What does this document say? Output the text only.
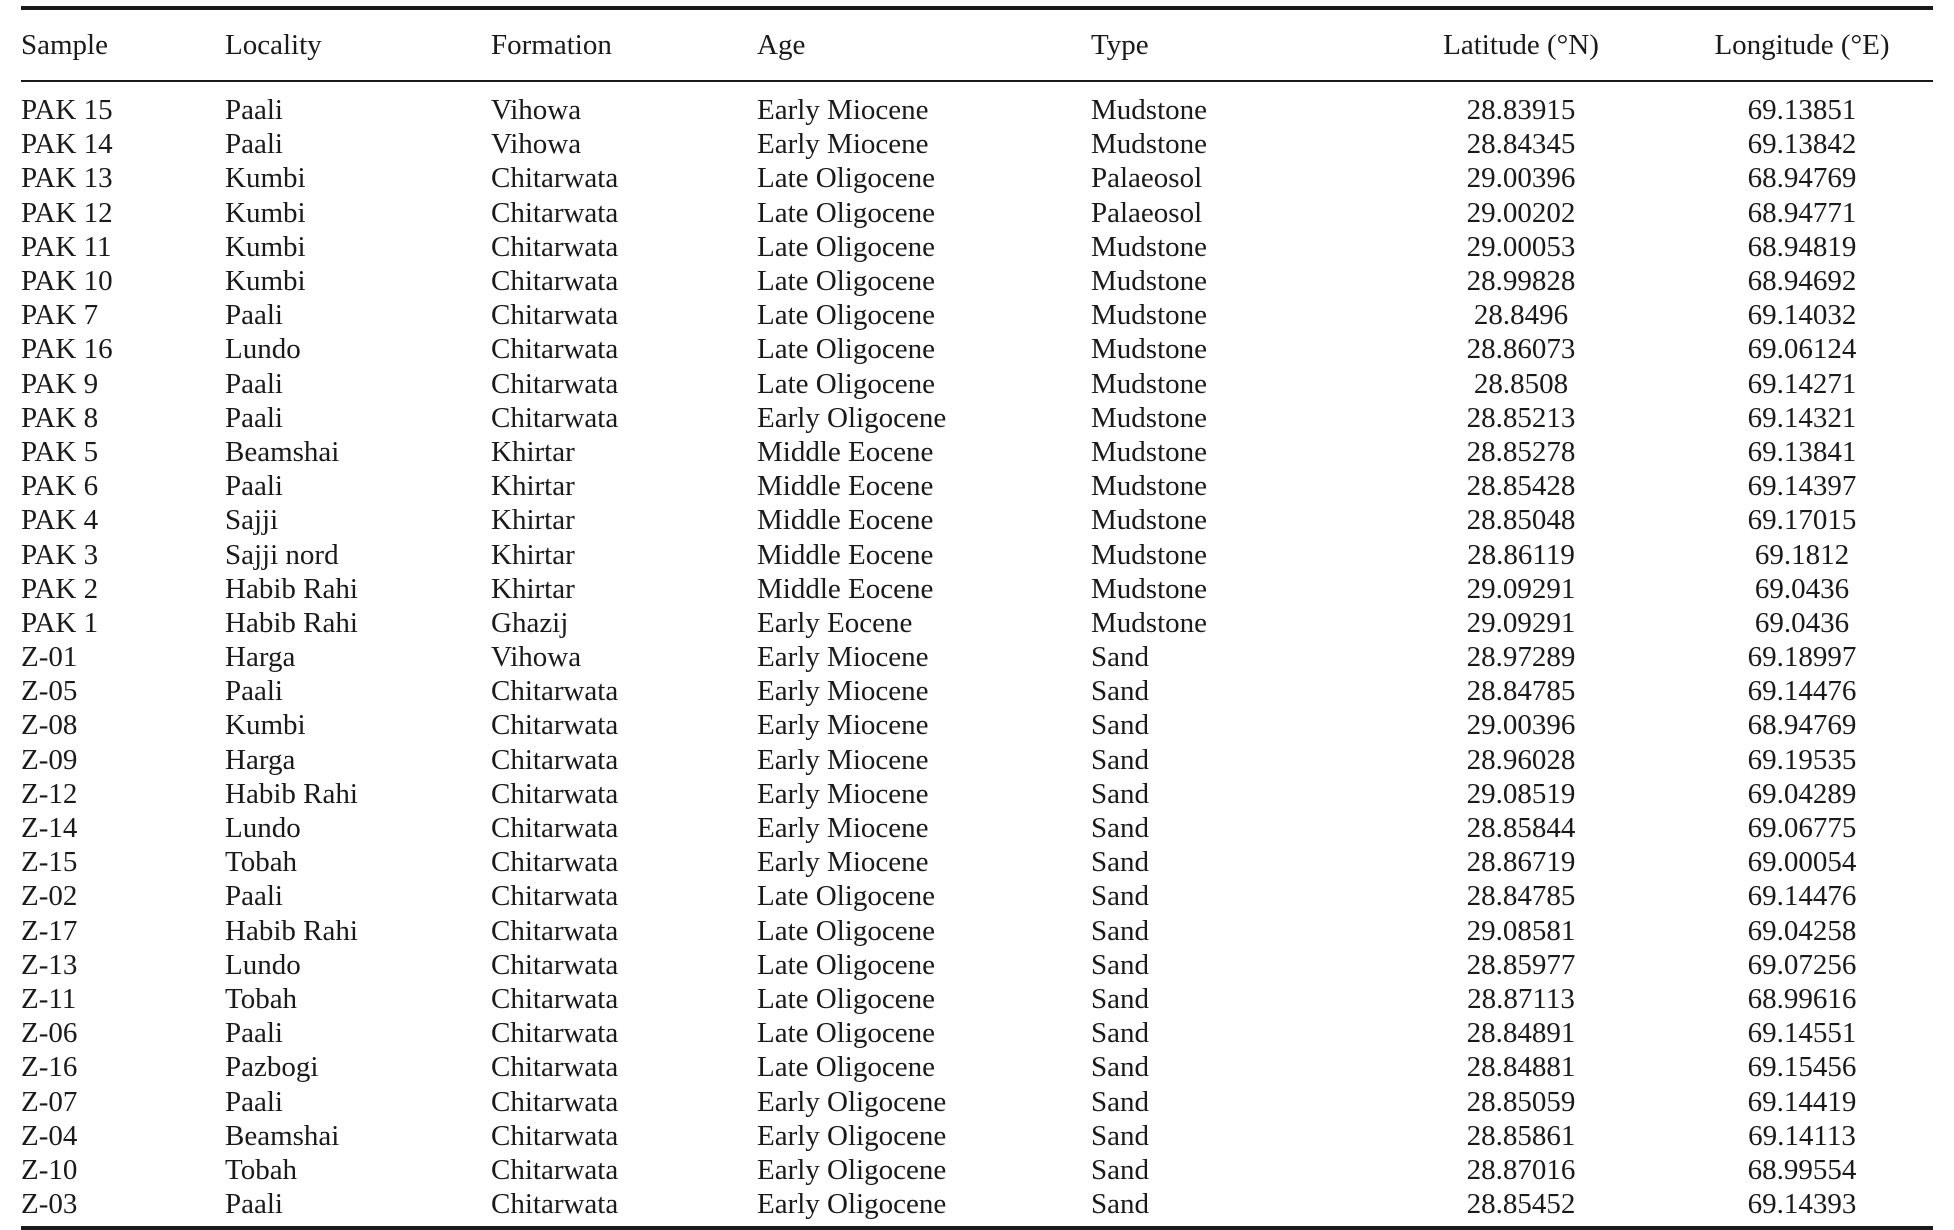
Sample	Locality	Formation	Age	Type	Latitude (°N)	Longitude (°E)
PAK 15	Paali	Vihowa	Early Miocene	Mudstone	28.83915	69.13851
PAK 14	Paali	Vihowa	Early Miocene	Mudstone	28.84345	69.13842
PAK 13	Kumbi	Chitarwata	Late Oligocene	Palaeosol	29.00396	68.94769
PAK 12	Kumbi	Chitarwata	Late Oligocene	Palaeosol	29.00202	68.94771
PAK 11	Kumbi	Chitarwata	Late Oligocene	Mudstone	29.00053	68.94819
PAK 10	Kumbi	Chitarwata	Late Oligocene	Mudstone	28.99828	68.94692
PAK 7	Paali	Chitarwata	Late Oligocene	Mudstone	28.8496	69.14032
PAK 16	Lundo	Chitarwata	Late Oligocene	Mudstone	28.86073	69.06124
PAK 9	Paali	Chitarwata	Late Oligocene	Mudstone	28.8508	69.14271
PAK 8	Paali	Chitarwata	Early Oligocene	Mudstone	28.85213	69.14321
PAK 5	Beamshai	Khirtar	Middle Eocene	Mudstone	28.85278	69.13841
PAK 6	Paali	Khirtar	Middle Eocene	Mudstone	28.85428	69.14397
PAK 4	Sajji	Khirtar	Middle Eocene	Mudstone	28.85048	69.17015
PAK 3	Sajji nord	Khirtar	Middle Eocene	Mudstone	28.86119	69.1812
PAK 2	Habib Rahi	Khirtar	Middle Eocene	Mudstone	29.09291	69.0436
PAK 1	Habib Rahi	Ghazij	Early Eocene	Mudstone	29.09291	69.0436
Z-01	Harga	Vihowa	Early Miocene	Sand	28.97289	69.18997
Z-05	Paali	Chitarwata	Early Miocene	Sand	28.84785	69.14476
Z-08	Kumbi	Chitarwata	Early Miocene	Sand	29.00396	68.94769
Z-09	Harga	Chitarwata	Early Miocene	Sand	28.96028	69.19535
Z-12	Habib Rahi	Chitarwata	Early Miocene	Sand	29.08519	69.04289
Z-14	Lundo	Chitarwata	Early Miocene	Sand	28.85844	69.06775
Z-15	Tobah	Chitarwata	Early Miocene	Sand	28.86719	69.00054
Z-02	Paali	Chitarwata	Late Oligocene	Sand	28.84785	69.14476
Z-17	Habib Rahi	Chitarwata	Late Oligocene	Sand	29.08581	69.04258
Z-13	Lundo	Chitarwata	Late Oligocene	Sand	28.85977	69.07256
Z-11	Tobah	Chitarwata	Late Oligocene	Sand	28.87113	68.99616
Z-06	Paali	Chitarwata	Late Oligocene	Sand	28.84891	69.14551
Z-16	Pazbogi	Chitarwata	Late Oligocene	Sand	28.84881	69.15456
Z-07	Paali	Chitarwata	Early Oligocene	Sand	28.85059	69.14419
Z-04	Beamshai	Chitarwata	Early Oligocene	Sand	28.85861	69.14113
Z-10	Tobah	Chitarwata	Early Oligocene	Sand	28.87016	68.99554
Z-03	Paali	Chitarwata	Early Oligocene	Sand	28.85452	69.14393
